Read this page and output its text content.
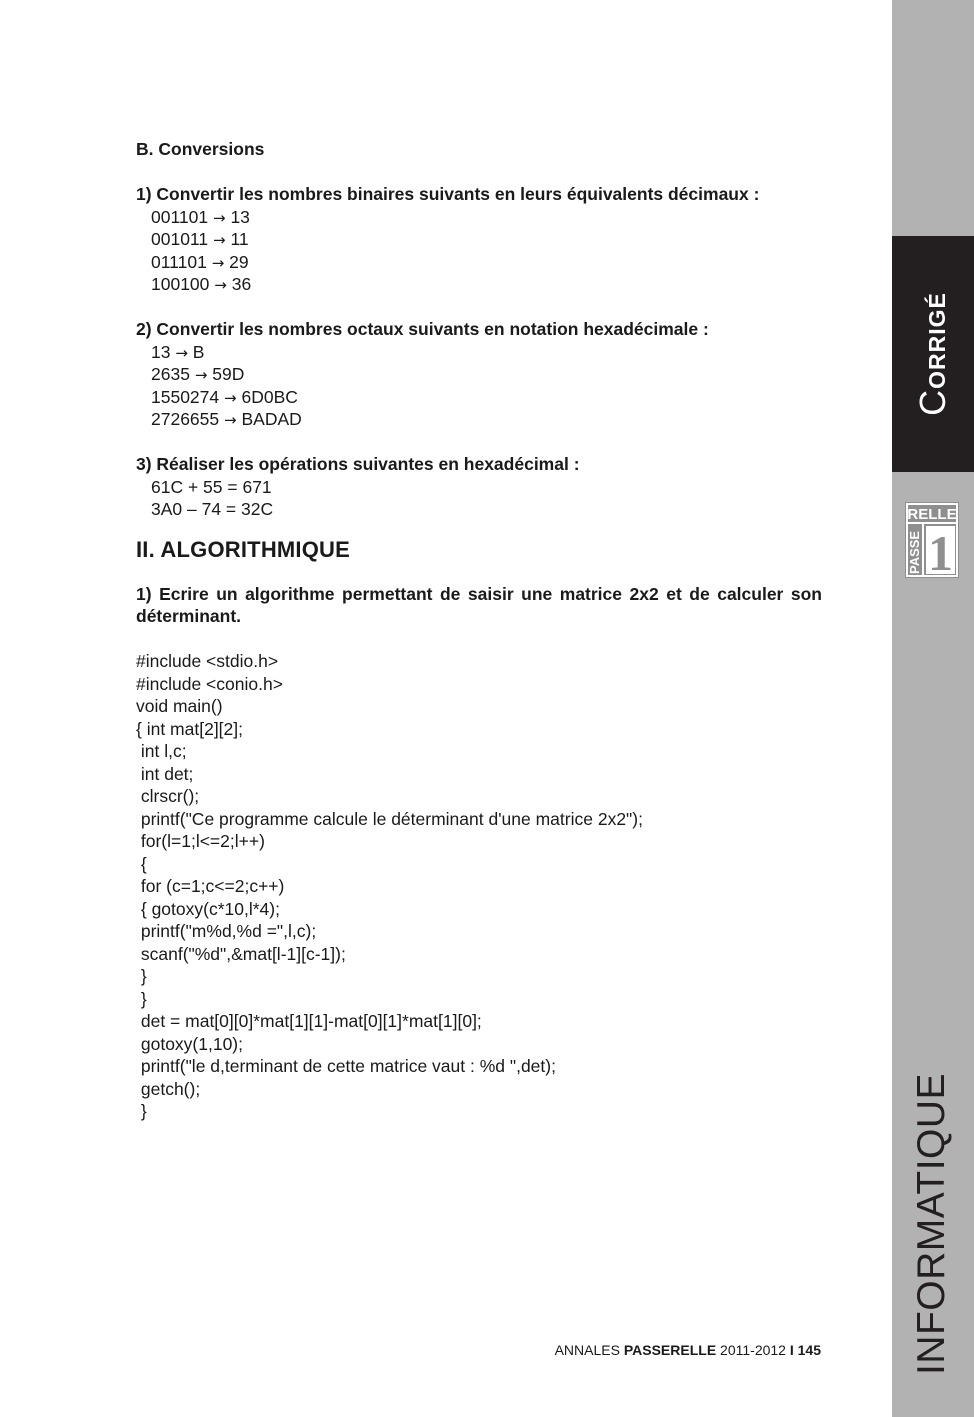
B. Conversions
1) Convertir les nombres binaires suivants en leurs équivalents décimaux :
001101 → 13
001011 → 11
011101 → 29
100100 → 36
2) Convertir les nombres octaux suivants en notation hexadécimale :
13 → B
2635 → 59D
1550274 → 6D0BC
2726655 → BADAD
3) Réaliser les opérations suivantes en hexadécimal :
61C + 55 = 671
3A0 – 74 = 32C
II. ALGORITHMIQUE
1) Ecrire un algorithme permettant de saisir une matrice 2x2 et de calculer son déterminant.
#include <stdio.h>
#include <conio.h>
void main()
{ int mat[2][2];
int l,c;
int det;
clrscr();
printf("Ce programme calcule le déterminant d'une matrice 2x2");
for(l=1;l<=2;l++)
{
for (c=1;c<=2;c++)
{ gotoxy(c*10,l*4);
printf("m%d,%d =",l,c);
scanf("%d",&mat[l-1][c-1]);
}
}
det = mat[0][0]*mat[1][1]-mat[0][1]*mat[1][0];
gotoxy(1,10);
printf("le d,terminant de cette matrice vaut : %d ",det);
getch();
}
ANNALES PASSERELLE 2011-2012 I 145
CORRIGÉ
RELLE
PASSE 1
INFORMATIQUE
